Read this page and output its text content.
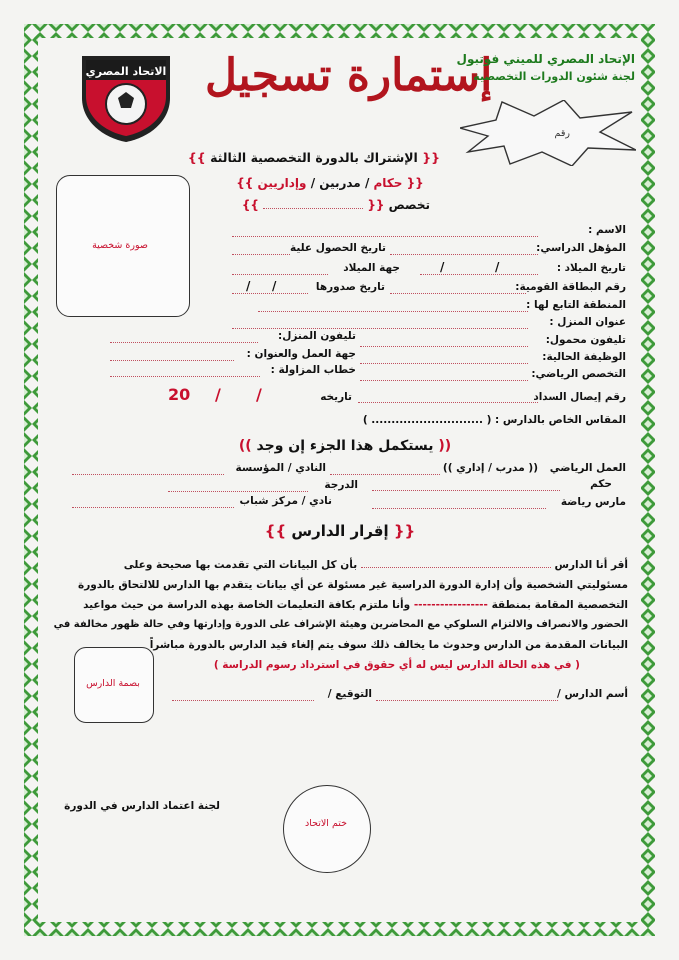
الاتحاد المصري إستمارة تسجيل
الإتحاد المصري للميني فوتبول
لجنة شئون الدورات التخصصية
رقم
{{ الإشتراك بالدورة التخصصية الثالثة }}
{{ حكام / مدربين / وإداريين }}
تخصص {{  }}
صورة شخصية
الاسم :
المؤهل الدراسي:
تاريخ الحصول علية
تاريخ الميلاد :
/	/
جهة الميلاد
رقم البطاقة القومية:
تاريخ صدورها
/ /
المنطقة التابع لها :
عنوان المنزل :
تليفون محمول:
تليفون المنزل:
الوظيفة الحالية:
جهة العمل والعنوان :
التخصص الرياضي:
خطاب المزاولة :
رقم إيصال السداد
تاريخه
20 / /
المقاس الخاص بالدارس : ( ............................ )
(( يستكمل هذا الجزء إن وجد ))
العمل الرياضي
(( مدرب / إداري ))
النادي / المؤسسة
حكم
الدرجة
مارس رياضة
نادي / مركز شباب
{{ إقرار الدارس }}
أقر أنا الدارس  بأن كل البيانات التي تقدمت بها صحيحة وعلى
مسئوليتي الشخصية وأن إدارة الدورة الدراسية غير مسئولة عن أي بيانات يتقدم بها الدارس للالتحاق بالدورة
التخصصية المقامة بمنطقة ----------------- وأنا ملتزم بكافة التعليمات الخاصة بهذه الدراسة من حيث مواعيد
الحضور والانصراف والالتزام السلوكي مع المحاضرين وهيئة الإشراف على الدورة وإدارتها وفي حالة ظهور مخالفة في
البيانات المقدمة من الدارس وحدوث ما يخالف ذلك سوف يتم إلغاء قيد الدارس بالدورة مباشراً
( في هذه الحالة الدارس ليس له أي حقوق في استرداد رسوم الدراسة )
بصمة الدارس
أسم الدارس /
التوقيع /
ختم الاتحاد
لجنة اعتماد الدارس في الدورة
